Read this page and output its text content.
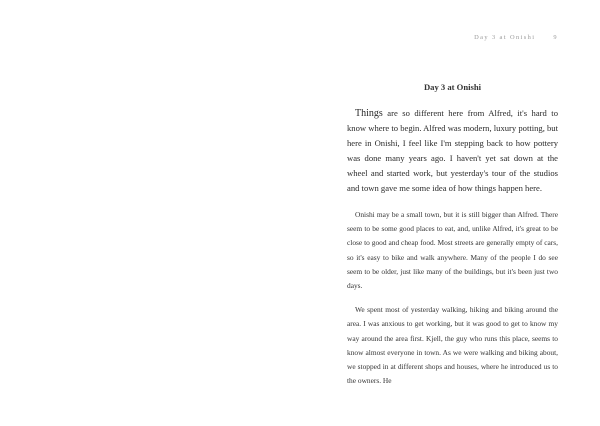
Day 3 at Onishi	9
Day 3 at Onishi

Things are so different here from Alfred, it's hard to know where to begin. Alfred was modern, luxury potting, but here in Onishi, I feel like I'm stepping back to how pottery was done many years ago. I haven't yet sat down at the wheel and started work, but yesterday's tour of the studios and town gave me some idea of how things happen here.

Onishi may be a small town, but it is still bigger than Alfred. There seem to be some good places to eat, and, unlike Alfred, it's great to be close to good and cheap food. Most streets are generally empty of cars, so it's easy to bike and walk anywhere. Many of the people I do see seem to be older, just like many of the buildings, but it's been just two days.

We spent most of yesterday walking, hiking and biking around the area. I was anxious to get working, but it was good to get to know my way around the area first. Kjell, the guy who runs this place, seems to know almost everyone in town. As we were walking and biking about, we stopped in at different shops and houses, where he introduced us to the owners. He
